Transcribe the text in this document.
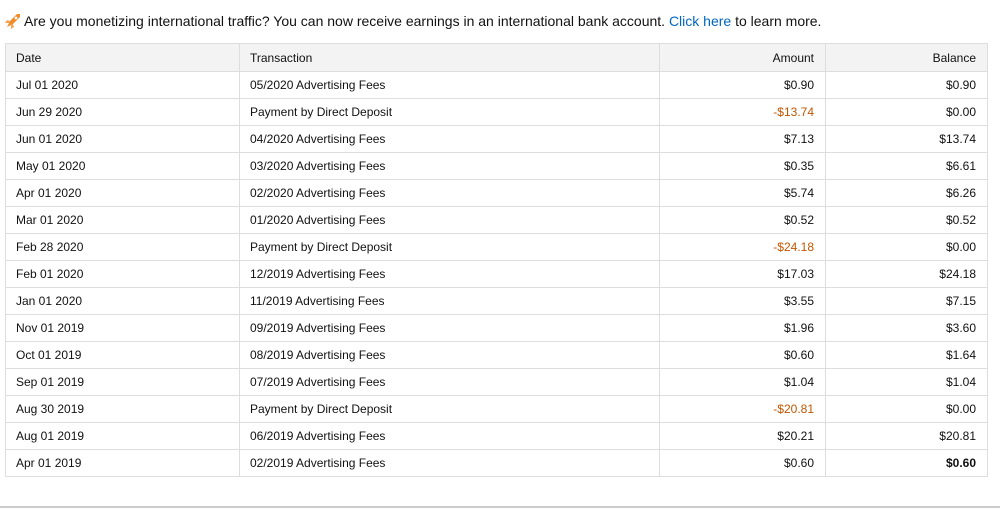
Are you monetizing international traffic? You can now receive earnings in an international bank account.
Click here
to learn more.
Date	Transaction	Amount	Balance
Jul 01 2020	05/2020 Advertising Fees	$0.90	$0.90
Jun 29 2020	Payment by Direct Deposit	-$13.74	$0.00
Jun 01 2020	04/2020 Advertising Fees	$7.13	$13.74
May 01 2020	03/2020 Advertising Fees	$0.35	$6.61
Apr 01 2020	02/2020 Advertising Fees	$5.74	$6.26
Mar 01 2020	01/2020 Advertising Fees	$0.52	$0.52
Feb 28 2020	Payment by Direct Deposit	-$24.18	$0.00
Feb 01 2020	12/2019 Advertising Fees	$17.03	$24.18
Jan 01 2020	11/2019 Advertising Fees	$3.55	$7.15
Nov 01 2019	09/2019 Advertising Fees	$1.96	$3.60
Oct 01 2019	08/2019 Advertising Fees	$0.60	$1.64
Sep 01 2019	07/2019 Advertising Fees	$1.04	$1.04
Aug 30 2019	Payment by Direct Deposit	-$20.81	$0.00
Aug 01 2019	06/2019 Advertising Fees	$20.21	$20.81
Apr 01 2019	02/2019 Advertising Fees	$0.60	$0.60
